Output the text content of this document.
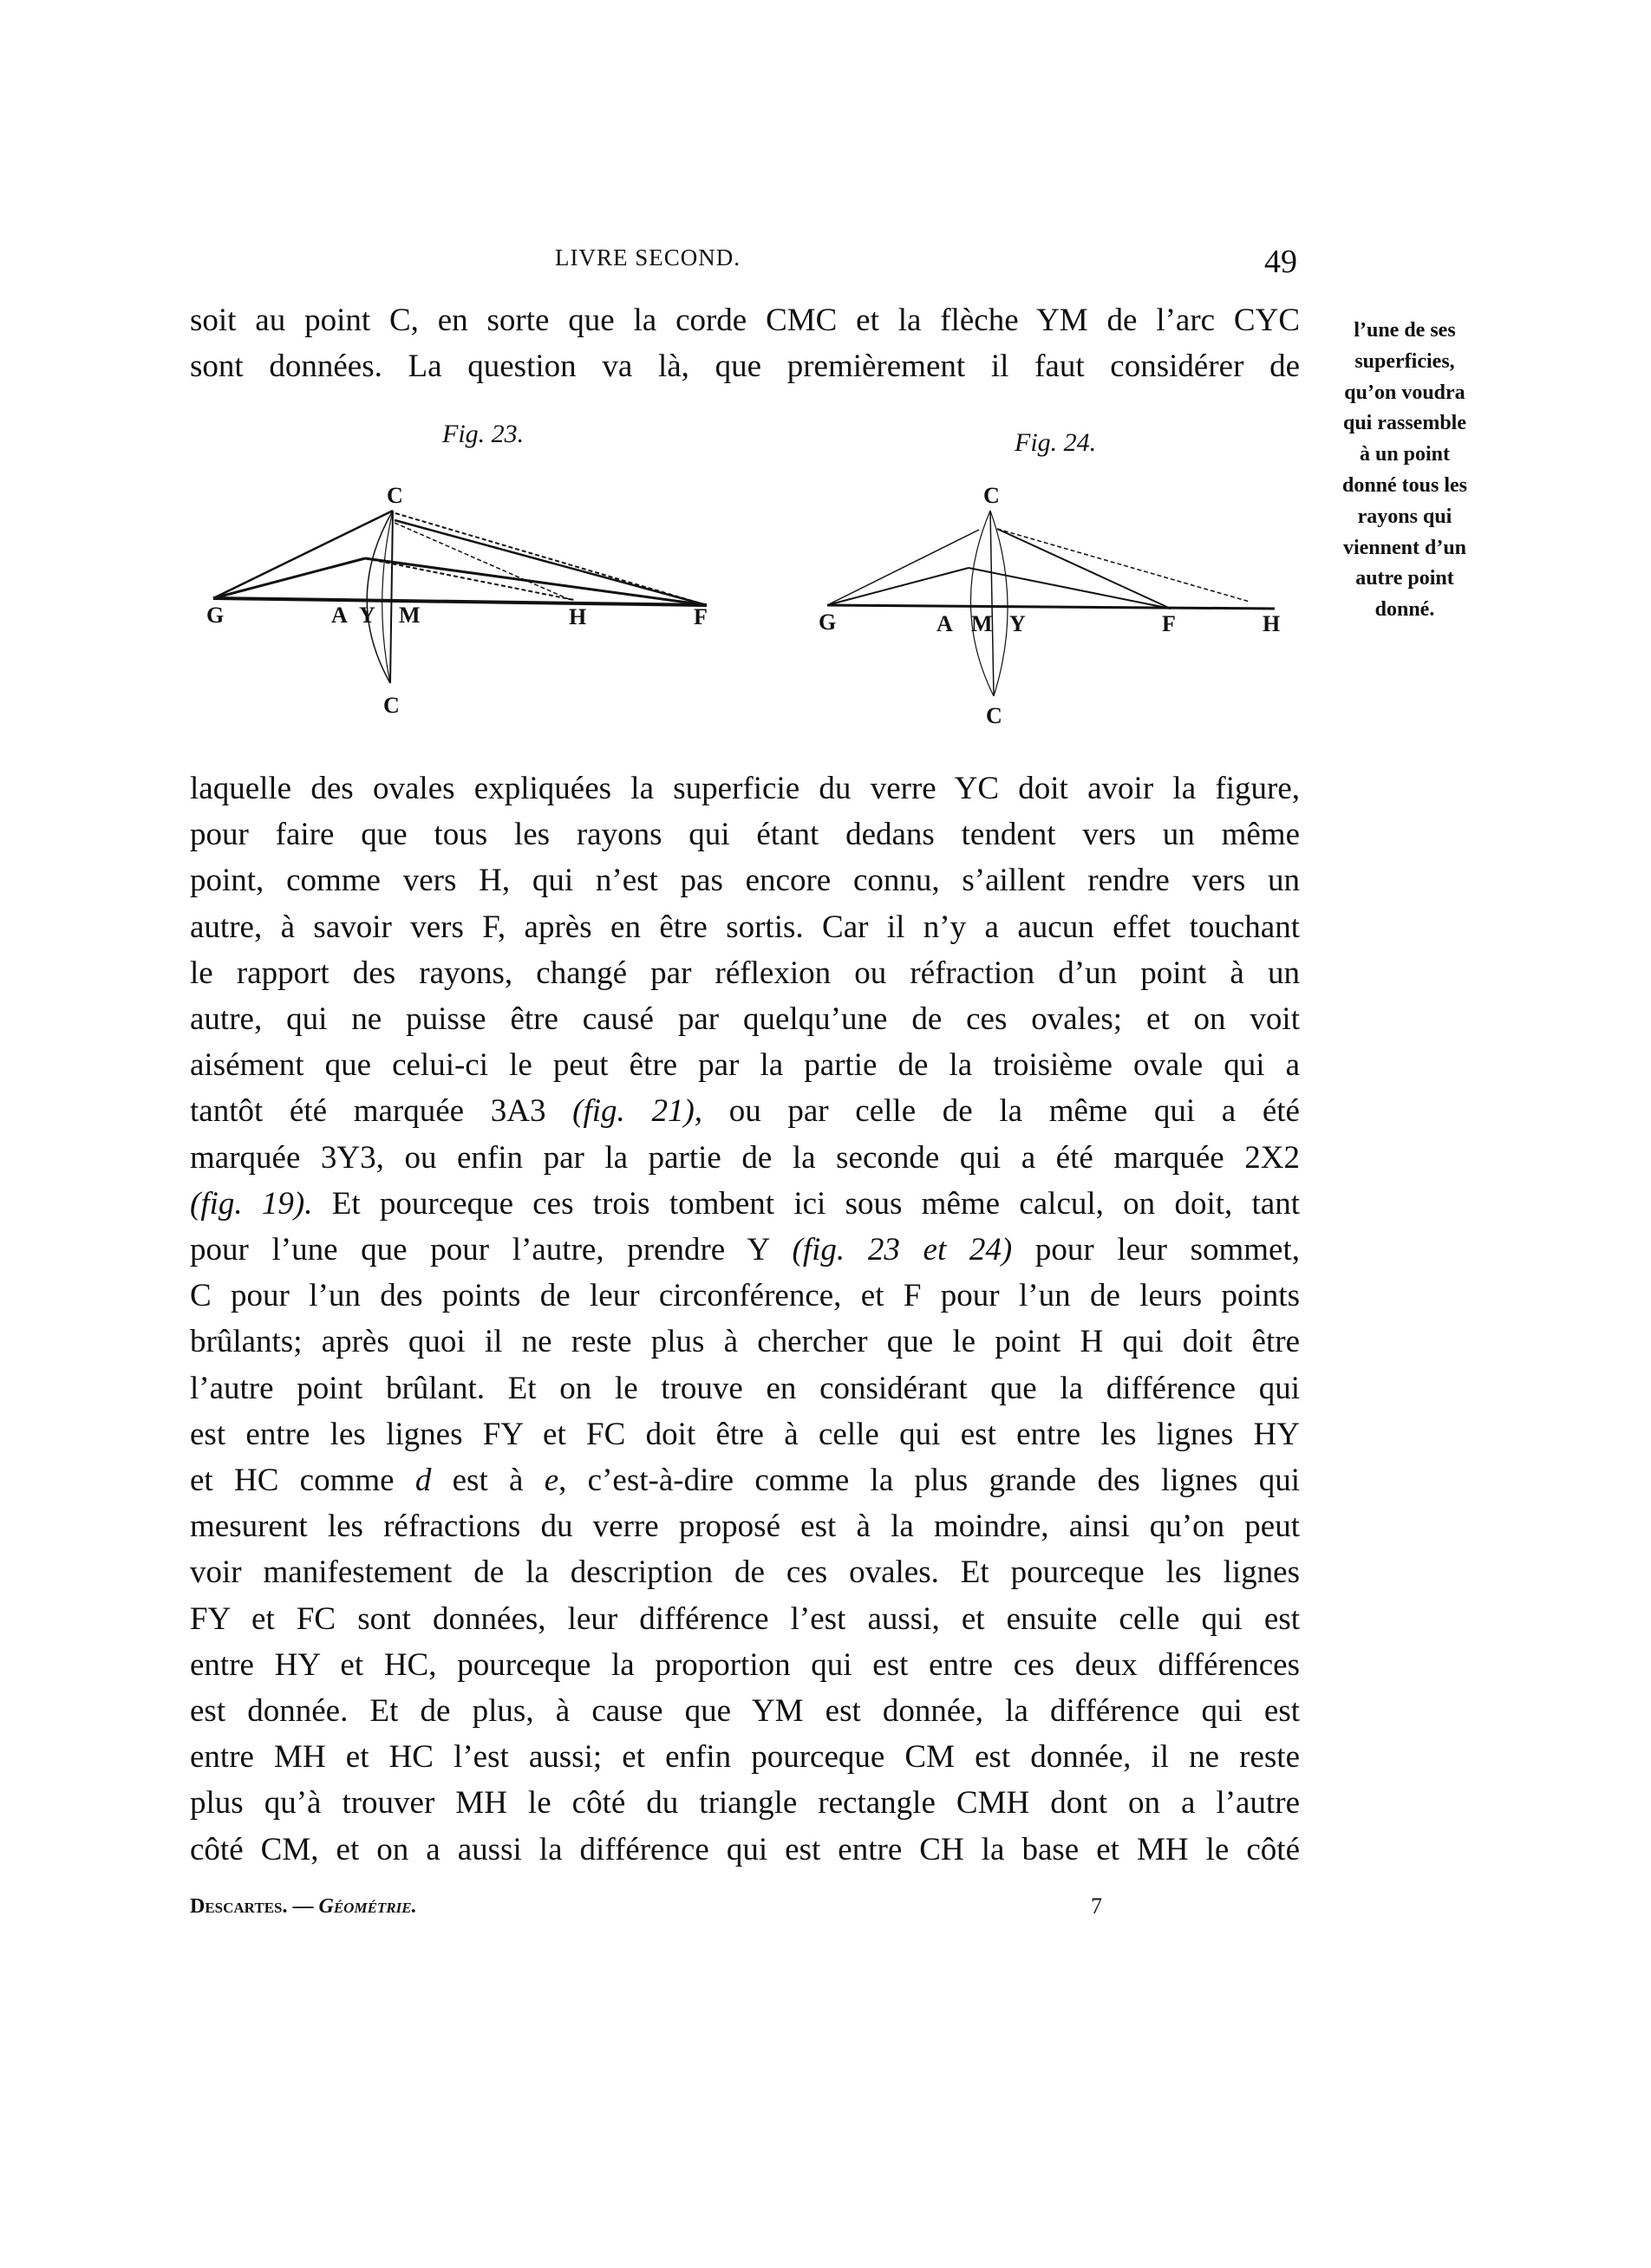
LIVRE SECOND.	49
soit au point C, en sorte que la corde CMC et la flèche YM de l’arc CYC
sont données. La question va là, que premièrement il faut considérer de
Fig. 23.	Fig. 24.
C
G	A Y M	H	F
C
C
G	A M Y	F	H
C
laquelle des ovales expliquées la superficie du verre YC doit avoir la figure,
pour faire que tous les rayons qui étant dedans tendent vers un même
point, comme vers H, qui n’est pas encore connu, s’aillent rendre vers un
autre, à savoir vers F, après en être sortis. Car il n’y a aucun effet touchant
le rapport des rayons, changé par réflexion ou réfraction d’un point à un
autre, qui ne puisse être causé par quelqu’une de ces ovales; et on voit
aisément que celui-ci le peut être par la partie de la troisième ovale qui a
tantôt été marquée 3A3 (fig. 21), ou par celle de la même qui a été
marquée 3Y3, ou enfin par la partie de la seconde qui a été marquée 2X2
(fig. 19). Et pourceque ces trois tombent ici sous même calcul, on doit, tant
pour l’une que pour l’autre, prendre Y (fig. 23 et 24) pour leur sommet,
C pour l’un des points de leur circonférence, et F pour l’un de leurs points
brûlants; après quoi il ne reste plus à chercher que le point H qui doit être
l’autre point brûlant. Et on le trouve en considérant que la différence qui
est entre les lignes FY et FC doit être à celle qui est entre les lignes HY
et HC comme d est à e, c’est-à-dire comme la plus grande des lignes qui
mesurent les réfractions du verre proposé est à la moindre, ainsi qu’on peut
voir manifestement de la description de ces ovales. Et pourceque les lignes
FY et FC sont données, leur différence l’est aussi, et ensuite celle qui est
entre HY et HC, pourceque la proportion qui est entre ces deux différences
est donnée. Et de plus, à cause que YM est donnée, la différence qui est
entre MH et HC l’est aussi; et enfin pourceque CM est donnée, il ne reste
plus qu’à trouver MH le côté du triangle rectangle CMH dont on a l’autre
côté CM, et on a aussi la différence qui est entre CH la base et MH le côté
l’une de ses
superficies,
qu’on voudra
qui rassemble
à un point
donné tous les
rayons qui
viennent d’un
autre point
donné.
Descartes. — Géométrie.	7
